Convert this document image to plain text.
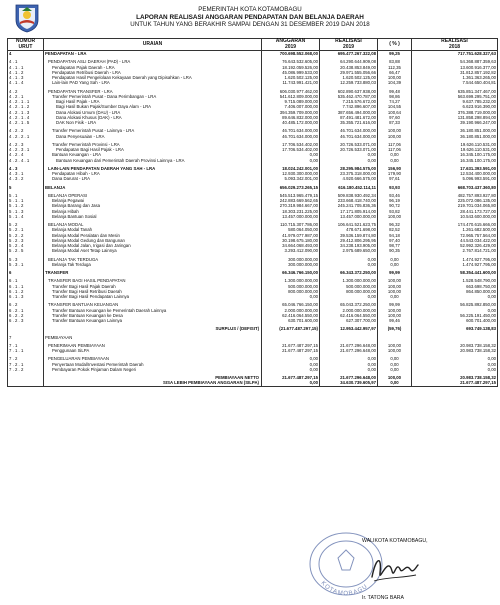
PEMERINTAH KOTA KOTAMOBAGU
LAPORAN REALISASI ANGGARAN PENDAPATAN DAN BELANJA DAERAH
UNTUK TAHUN YANG BERAKHIR SAMPAI DENGAN 31 DESEMBER 2019 DAN 2018
NOMOR URUT	URAIAN	ANGGARAN
2019	REALISASI
2019	( % )	REALISASI
2018
4	PENDAPATAN - LRA	700.698.552.068,00	695.477.267.322,08	99,25	717.751.628.327,63

4 . 1	PENDAPATAN ASLI DAERAH (PAD) - LRA	76.643.532.605,00	64.290.644.909,08	83,88	54.368.887.359,63
4 . 1 . 1	Pendapatan Pajak Daerah - LRA	18.192.059.526,00	20.438.853.849,00	112,35	13.600.916.377,00
4 . 1 . 2	Pendapatan Retribusi Daerah - LRA	45.086.999.533,00	29.971.555.056,66	66,47	31.812.857.192,82
4 . 1 . 3	Pendapatan Hasil Pengelolaan Kekayaan Daerah yang Dipisahkan - LRA	1.620.502.125,00	1.620.502.125,00	100,00	1.361.363.265,00
4 . 1 . 4	Lain-lain PAD Yang Sah - LRA	11.743.991.421,00	12.259.733.880,03	104,39	7.544.650.404,81

4 . 2	PENDAPATAN TRANSFER - LRA	606.030.977.462,00	602.890.637.938,00	99,48	635.851.347.467,00
4 . 2 . 1	Transfer Pemerintah Pusat - Dana Perimbangan - LRA	541.612.809.000,00	535.462.470.787,00	98,86	563.699.295.751,00
4 . 2 . 1 . 1	Bagi Hasil Pajak - LRA	9.715.089.000,00	7.215.576.672,00	74,27	9.637.785.232,00
4 . 2 . 1 . 2	Bagi Hasil Bukan Pajak/Sumber Daya Alam - LRA	7.406.007.000,00	7.742.896.607,00	104,55	6.623.916.390,00
4 . 2 . 1 . 3	Dana Alokasi Umum (DAU) - LRA	394.359.709.000,00	387.656.494.000,00	100,64	376.388.719.000,00
4 . 2 . 1 . 4	Dana Alokasi Khusus (DAK) - LRA	89.646.832.000,00	87.491.481.672,00	97,60	131.858.298.894,00
4 . 2 . 1 . 5	DAK Non Fisik - LRA	40.485.172.000,00	35.355.721.616,00	87,33	39.190.966.247,00

4 . 2 . 2	Transfer Pemerintah Pusat - Lainnya - LRA	46.701.634.000,00	46.701.634.000,00	100,00	36.180.851.000,00
4 . 2 . 2 . 1	Dana Penyesuaian - LRA	46.701.634.000,00	46.701.634.000,00	100,00	36.180.851.000,00

4 . 2 . 3	Transfer Pemerintah Provinsi - LRA	17.706.534.402,00	20.726.533.071,00	117,06	19.626.110.531,00
4 . 2 . 3 . 1	Pendapatan Bagi Hasil Pajak - LRA	17.706.534.402,00	20.726.533.071,00	117,06	19.626.110.531,00
4 . 2 . 4	Bantuan Keuangan - LRA	0,00	0,00	0,00	16.345.100.175,00
4 . 2 . 4 . 1	Bantuan Keuangan dari Pemerintah Daerah Provinsi Lainnya - LRA	0,00	0,00	0,00	16.345.100.175,00

4 . 3	LAIN-LAIN PENDAPATAN DAERAH YANG SAH - LRA	18.024.242.001,00	28.295.984.575,00	156,90	17.631.393.591,00
4 . 3 . 1	Pendapatan Hibah - LRA	12.930.300.000,00	23.375.318.000,00	179,90	12.534.400.000,00
4 . 3 . 2	Dana Darurat - LRA	5.093.342.001,00	4.920.666.575,00	97,61	5.096.993.591,00

5	BELANJA	656.029.273.265,15	616.180.452.114,11	93,93	668.703.437.360,80

5 . 1	BELANJA OPERASI	545.513.965.479,15	509.838.930.492,34	93,46	482.757.893.927,80
5 . 1 . 1	Belanja Pegawai	242.883.669.562,65	233.668.418.740,00	96,19	225.072.086.135,00
5 . 1 . 2	Belanja Barang dan Jasa	270.319.984.667,00	245.241.705.836,36	90,72	219.701.034.065,80
5 . 1 . 3	Belanja Hibah	18.303.231.225,00	17.171.805.914,00	93,82	28.441.173.727,00
5 . 1 . 4	Belanja Bantuan Sosial	13.457.000.000,00	13.457.000.000,00	100,00	10.543.600.000,00

5 . 2	BELANJA MODAL	110.715.307.786,00	106.641.521.623,75	96,32	174.470.615.666,00
5 . 2 . 1	Belanja Modal Tanah	580.064.050,00	478.671.698,00	82,52	1.261.682.500,00
5 . 2 . 2	Belanja Modal Peralatan dan Mesin	41.979.077.987,00	39.536.159.874,80	94,18	72.965.757.564,00
5 . 2 . 3	Belanja Modal Gedung dan Bangunan	30.198.675.180,00	29.412.806.295,95	97,40	44.543.034.422,00
5 . 2 . 4	Belanja Modal Jalan, Irigasi dan Jaringan	34.664.068.493,00	34.238.193.905,00	98,77	52.992.326.429,00
5 . 2 . 5	Belanja Modal Aset Tetap Lainnya	3.293.412.090,00	2.975.689.650,00	90,35	2.767.814.721,00

5 . 3	BELANJA TAK TERDUGA	300.000.000,00	0,00	0,00	1.474.927.795,00
5 . 3 . 1	Belanja Tak Terduga	300.000.000,00	0,00	0,00	1.474.927.795,00

6	TRANSFER	66.346.766.150,00	66.343.372.250,00	99,99	58.354.441.600,00

6 . 1	TRANSFER BAGI HASIL PENDAPATAN	1.300.000.000,00	1.300.000.000,00	100,00	1.528.548.790,00
6 . 1 . 1	Transfer Bagi Hasil Pajak Daerah	500.000.000,00	500.000.000,00	100,00	663.698.750,00
6 . 1 . 2	Transfer Bagi Hasil Retribusi Daerah	800.000.000,00	800.000.000,00	100,00	864.850.000,00
6 . 1 . 3	Transfer Bagi Hasil Pendapatan Lainnya	0,00	0,00	0,00	0,00

6 . 2	TRANSFER BANTUAN KEUANGAN	65.046.766.150,00	65.043.372.250,00	99,99	56.825.892.850,00
6 . 2 . 1	Transfer Bantuan Keuangan ke Pemerintah Daerah Lainnya	2.000.000.000,00	2.000.000.000,00	100,00	0,00
6 . 2 . 2	Transfer Bantuan Keuangan ke Desa	62.416.064.550,00	62.416.064.550,00	100,00	56.225.191.450,00
6 . 2 . 3	Transfer Bantuan Keuangan Lainnya	630.701.600,00	627.307.700,00	99,46	600.701.400,00

	SURPLUS / (DEFISIT)	(21.677.487.297,15)	12.953.442.957,97	(59,76)	693.749.138,83

7	PEMBIAYAAN				

7 . 1	PENERIMAAN PEMBIAYAAN	21.677.487.297,15	21.677.296.648,00	100,00	20.983.738.158,32
7 . 1 . 1	Penggunaan SiLPA	21.677.487.297,15	21.677.296.648,00	100,00	20.983.738.158,32

7 . 2	PENGELUARAN PEMBIAYAAN	0,00	0,00	0,00	0,00
7 . 2 . 1	Penyertaan Modal/Investasi Pemerintah Daerah	0,00	0,00	0,00	0,00
7 . 2 . 2	Pembayaran Pokok Pinjaman Dalam Negeri	0,00	0,00	0,00	0,00

	PEMBIAYAAN NETTO	21.677.487.297,15	21.677.296.648,00	100,00	20.983.738.158,32
	SISA LEBIH PEMBIAYAAN ANGGARAN (SILPA)	0,00	34.630.739.605,97	0,00	21.677.487.297,15
KOTAMOBAGU
WALIKOTA KOTAMOBAGU,
Ir. TATONG BARA
